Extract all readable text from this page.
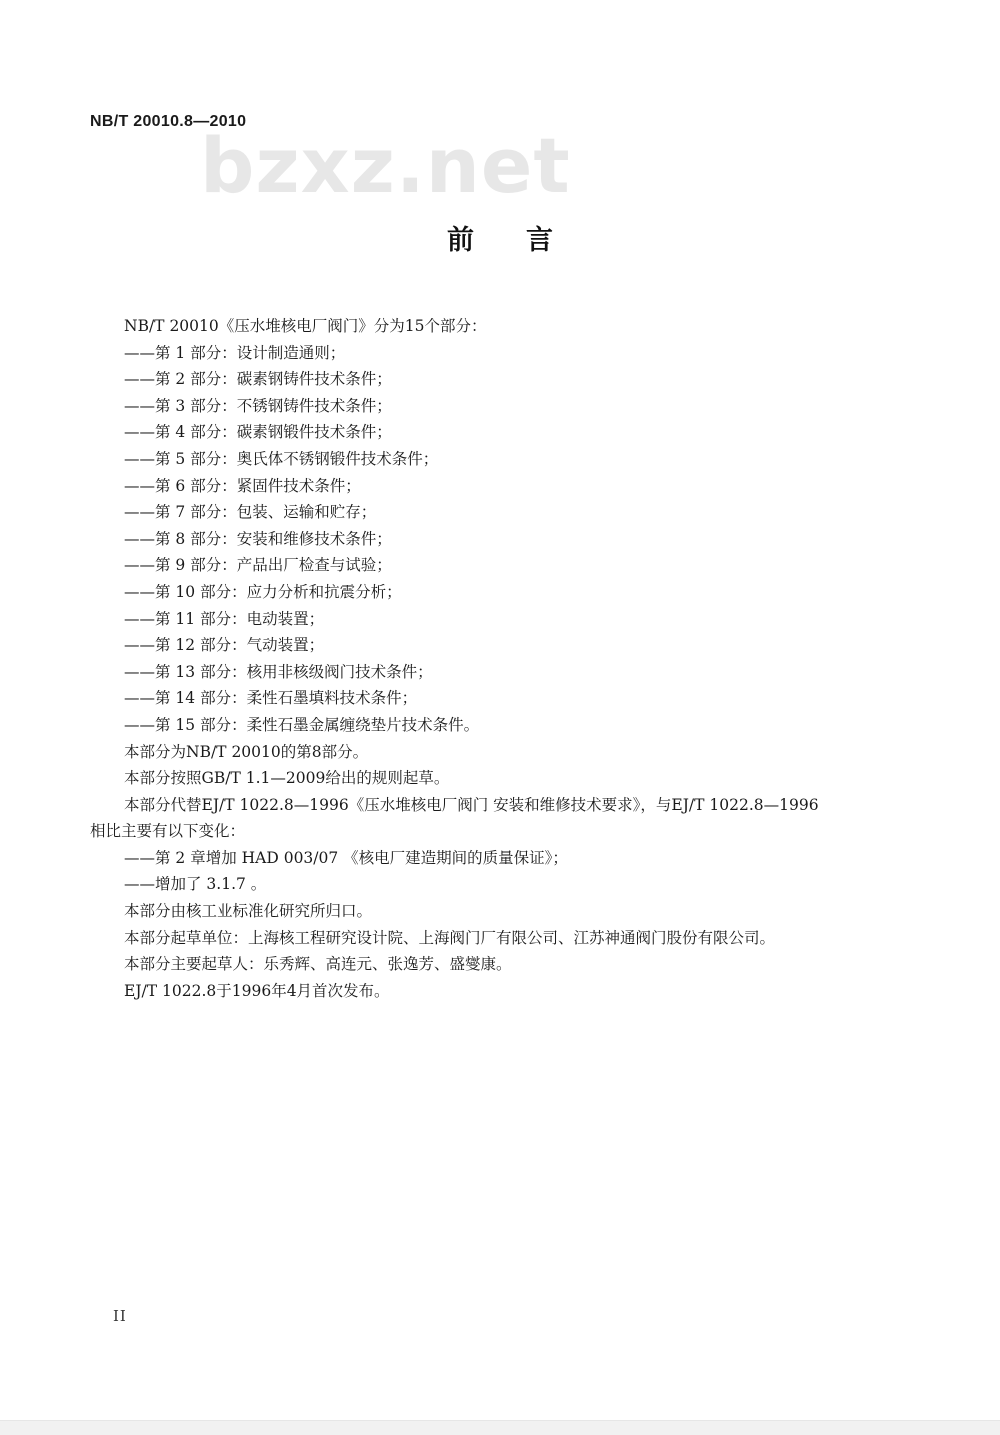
NB/T 20010.8—2010
bzxz.net
前言

NB/T 20010《压水堆核电厂阀门》分为15个部分：

——第 1 部分：设计制造通则；

——第 2 部分：碳素钢铸件技术条件；

——第 3 部分：不锈钢铸件技术条件；

——第 4 部分：碳素钢锻件技术条件；

——第 5 部分：奥氏体不锈钢锻件技术条件；

——第 6 部分：紧固件技术条件；

——第 7 部分：包装、运输和贮存；

——第 8 部分：安装和维修技术条件；

——第 9 部分：产品出厂检查与试验；

——第 10 部分：应力分析和抗震分析；

——第 11 部分：电动装置；

——第 12 部分：气动装置；

——第 13 部分：核用非核级阀门技术条件；

——第 14 部分：柔性石墨填料技术条件；

——第 15 部分：柔性石墨金属缠绕垫片技术条件。

本部分为NB/T 20010的第8部分。

本部分按照GB/T 1.1—2009给出的规则起草。

本部分代替EJ/T 1022.8—1996《压水堆核电厂阀门 安装和维修技术要求》，与EJ/T 1022.8—1996

相比主要有以下变化：

——第 2 章增加 HAD 003/07 《核电厂建造期间的质量保证》；

——增加了 3.1.7 。

本部分由核工业标准化研究所归口。

本部分起草单位：上海核工程研究设计院、上海阀门厂有限公司、江苏神通阀门股份有限公司。

本部分主要起草人：乐秀辉、高连元、张逸芳、盛燮康。

EJ/T 1022.8于1996年4月首次发布。

II
